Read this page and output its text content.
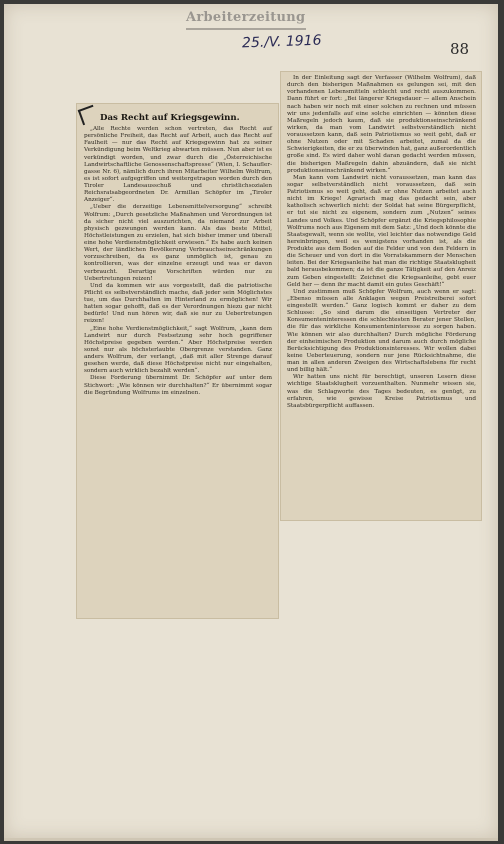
Arbeiterzeitung
25./V. 1916	88
Das Recht auf Kriegsgewinn.

„Alle Rechte werden schon vertreten, das Recht auf persönliche Freiheit, das Recht auf Arbeit, auch das Recht auf Faulheit — nur das Recht auf Kriegsgewinn hat zu seiner Verkündigung beim Weltkrieg abwarten müssen. Nun aber ist es verkündigt worden, und zwar durch die „Österreichische Landwirtschaftliche Genossenschaftspresse“ (Wien, I. Schaufler-gasse Nr. 6), nämlich durch ihren Mitarbeiter Wilhelm Wolfrum, es ist sofort aufgegriffen und weitergetragen worden durch den Tiroler Landesausschuß und christlichsozialen Reichsratsabgeordneten Dr. Armillan Schöpfer im „Tiroler Anzeiger“.

„Ueber die derzeitige Lebensmittelversorgung“ schreibt Wolfrum: „Durch gesetzliche Maßnahmen und Verordnungen ist da sicher nicht viel auszurichten, da niemand zur Arbeit physisch gezwungen werden kann. Als das beste Mittel, Höchstleistungen zu erzielen, hat sich bisher immer und überall eine hohe Verdienstmöglichkeit erwiesen.“ Es habe auch keinen Wert, der ländlichen Bevölkerung Verbrauchseinschränkungen vorzuschreiben, da es ganz unmöglich ist, genau zu kontrollieren, was der einzelne erzeugt und was er davon verbraucht. Derartige Vorschriften würden nur zu Uebertretungen reizen!

Und da kommen wir aus vorgestellt, daß die patriotische Pflicht es selbstverständlich mache, daß jeder sein Möglichstes tue, um das Durchhalten im Hinterland zu ermöglichen! Wir hatten sogar gehofft, daß es der Verordnungen hiezu gar nicht bedürfe! Und nun hören wir, daß sie nur zu Uebertretungen reizen!

„Eine hohe Verdienstmöglichkeit,“ sagt Wolfrum, „kann dem Landwirt nur durch Festsetzung sehr hoch gegriffener Höchstpreise gegeben werden.“ Aber Höchstpreise werden sonst nur als höchsterlaubte Obergrenze verstanden. Ganz anders Wolfrum, der verlangt, „daß mit aller Strenge darauf gesehen werde, daß diese Höchstpreise nicht nur eingehalten, sondern auch wirklich bezahlt werden“.

Diese Forderung übernimmt Dr. Schöpfer auf unter dem Stichwort: „Wie können wir durchhalten?“ Er übernimmt sogar die Begründung Wolfrums im einzelnen.

In der Einleitung sagt der Verfasser (Wilhelm Wolfrum), daß durch den bisherigen Maßnahmen es gelungen sei, mit den vorhandenen Lebensmitteln schlecht und recht auszukommen. Dann führt er fort: „Bei längerer Kriegsdauer — allem Anschein nach haben wir noch mit einer solchen zu rechnen und müssen wir uns jedenfalls auf eine solche einrichten — könnten diese Maßregeln jedoch kaum, daß sie produktionseinschränkend wirken, da man vom Landwirt selbstverständlich nicht voraussetzen kann, daß sein Patriotismus so weit geht, daß er ohne Nutzen oder mit Schaden arbeitet, zumal da die Schwierigkeiten, die er zu überwinden hat, ganz außerordentlich große sind. Es wird daher wohl daran gedacht werden müssen, die bisherigen Maßregeln dahin abzuändern, daß sie nicht produktionseinschränkend wirken.“

Man kann vom Landwirt nicht voraussetzen, man kann das sogar selbstverständlich nicht voraussetzen, daß sein Patriotismus so weit geht, daß er ohne Nutzen arbeitet auch nicht im Kriege! Agrarisch mag das gedacht sein, aber katholisch schwerlich nicht: der Soldat hat seine Bürgerpflicht, er tut sie nicht zu eigenem, sondern zum „Nutzen“ seines Landes und Volkes. Und Schöpfer ergänzt die Kriegsphilosophie Wolfrums noch aus Eigenem mit dem Satz: „Und doch könnte die Staatsgewalt, wenn sie wollte, viel leichter das notwendige Geld hereinbringen, weil es wenigstens vorhanden ist, als die Produkte aus dem Boden auf die Felder und von den Feldern in die Scheuer und von dort in die Vorratskammern der Menschen leiten. Bei der Kriegsanleihe hat man die richtige Staatsklugheit bald herausbekommen; da ist die ganze Tätigkeit auf den Anreiz zum Geben eingestellt: Zeichnet die Kriegsanleihe, gebt euer Geld her — denn ihr macht damit ein gutes Geschäft!“

Und zustimmen muß Schöpfer Wolfrum, auch wenn er sagt: „Ebenso müssen alle Anklagen wegen Preistreiberei sofort eingestellt werden.“ Ganz logisch kommt er daher zu dem Schlusse: „So sind darum die einseitigen Vertreter der Konsumenteninteressen die schlechtesten Berater jener Stellen, die für das wirkliche Konsumenteninteresse zu sorgen haben. Wie können wir also durchhalten? Durch mögliche Förderung der einheimischen Produktion und darum auch durch mögliche Berücksichtigung des Produktionsinteresses. Wir wollen dabei keine Ueberteuerung, sondern nur jene Rücksichtnahme, die man in allen anderen Zweigen des Wirtschaftslebens für recht und billig hält.“

Wir hatten uns nicht für berechtigt, unseren Lesern diese wichtige Staatsklugheit vorzuenthalten. Nunmehr wissen sie, was die Schlagworte des Tages bedeuten, es genügt, zu erfahren, wie gewisse Kreise Patriotismus und Staatsbürgerpflicht auffassen.
